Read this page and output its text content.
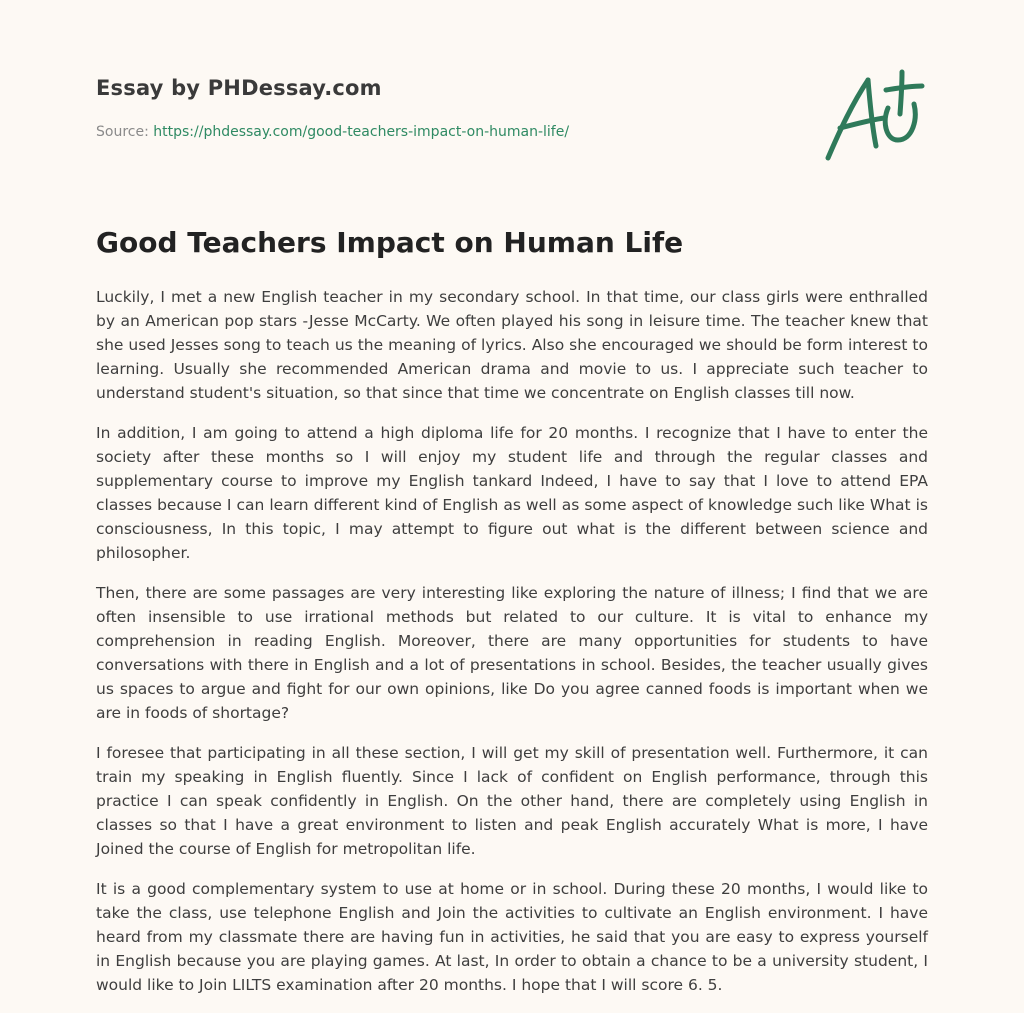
Essay by PHDessay.com
Source: https://phdessay.com/good-teachers-impact-on-human-life/
Good Teachers Impact on Human Life

Luckily, I met a new English teacher in my secondary school. In that time, our class girls were enthralled by an American pop stars -Jesse McCarty. We often played his song in leisure time. The teacher knew that she used Jesses song to teach us the meaning of lyrics. Also she encouraged we should be form interest to learning. Usually she recommended American drama and movie to us. I appreciate such teacher to understand student's situation, so that since that time we concentrate on English classes till now.

In addition, I am going to attend a high diploma life for 20 months. I recognize that I have to enter the society after these months so I will enjoy my student life and through the regular classes and supplementary course to improve my English tankard Indeed, I have to say that I love to attend EPA classes because I can learn different kind of English as well as some aspect of knowledge such like What is consciousness, In this topic, I may attempt to figure out what is the different between science and philosopher.

Then, there are some passages are very interesting like exploring the nature of illness; I find that we are often insensible to use irrational methods but related to our culture. It is vital to enhance my comprehension in reading English. Moreover, there are many opportunities for students to have conversations with there in English and a lot of presentations in school. Besides, the teacher usually gives us spaces to argue and fight for our own opinions, like Do you agree canned foods is important when we are in foods of shortage?

I foresee that participating in all these section, I will get my skill of presentation well. Furthermore, it can train my speaking in English fluently. Since I lack of confident on English performance, through this practice I can speak confidently in English. On the other hand, there are completely using English in classes so that I have a great environment to listen and peak English accurately What is more, I have Joined the course of English for metropolitan life.

It is a good complementary system to use at home or in school. During these 20 months, I would like to take the class, use telephone English and Join the activities to cultivate an English environment. I have heard from my classmate there are having fun in activities, he said that you are easy to express yourself in English because you are playing games. At last, In order to obtain a chance to be a university student, I would like to Join LILTS examination after 20 months. I hope that I will score 6. 5.
